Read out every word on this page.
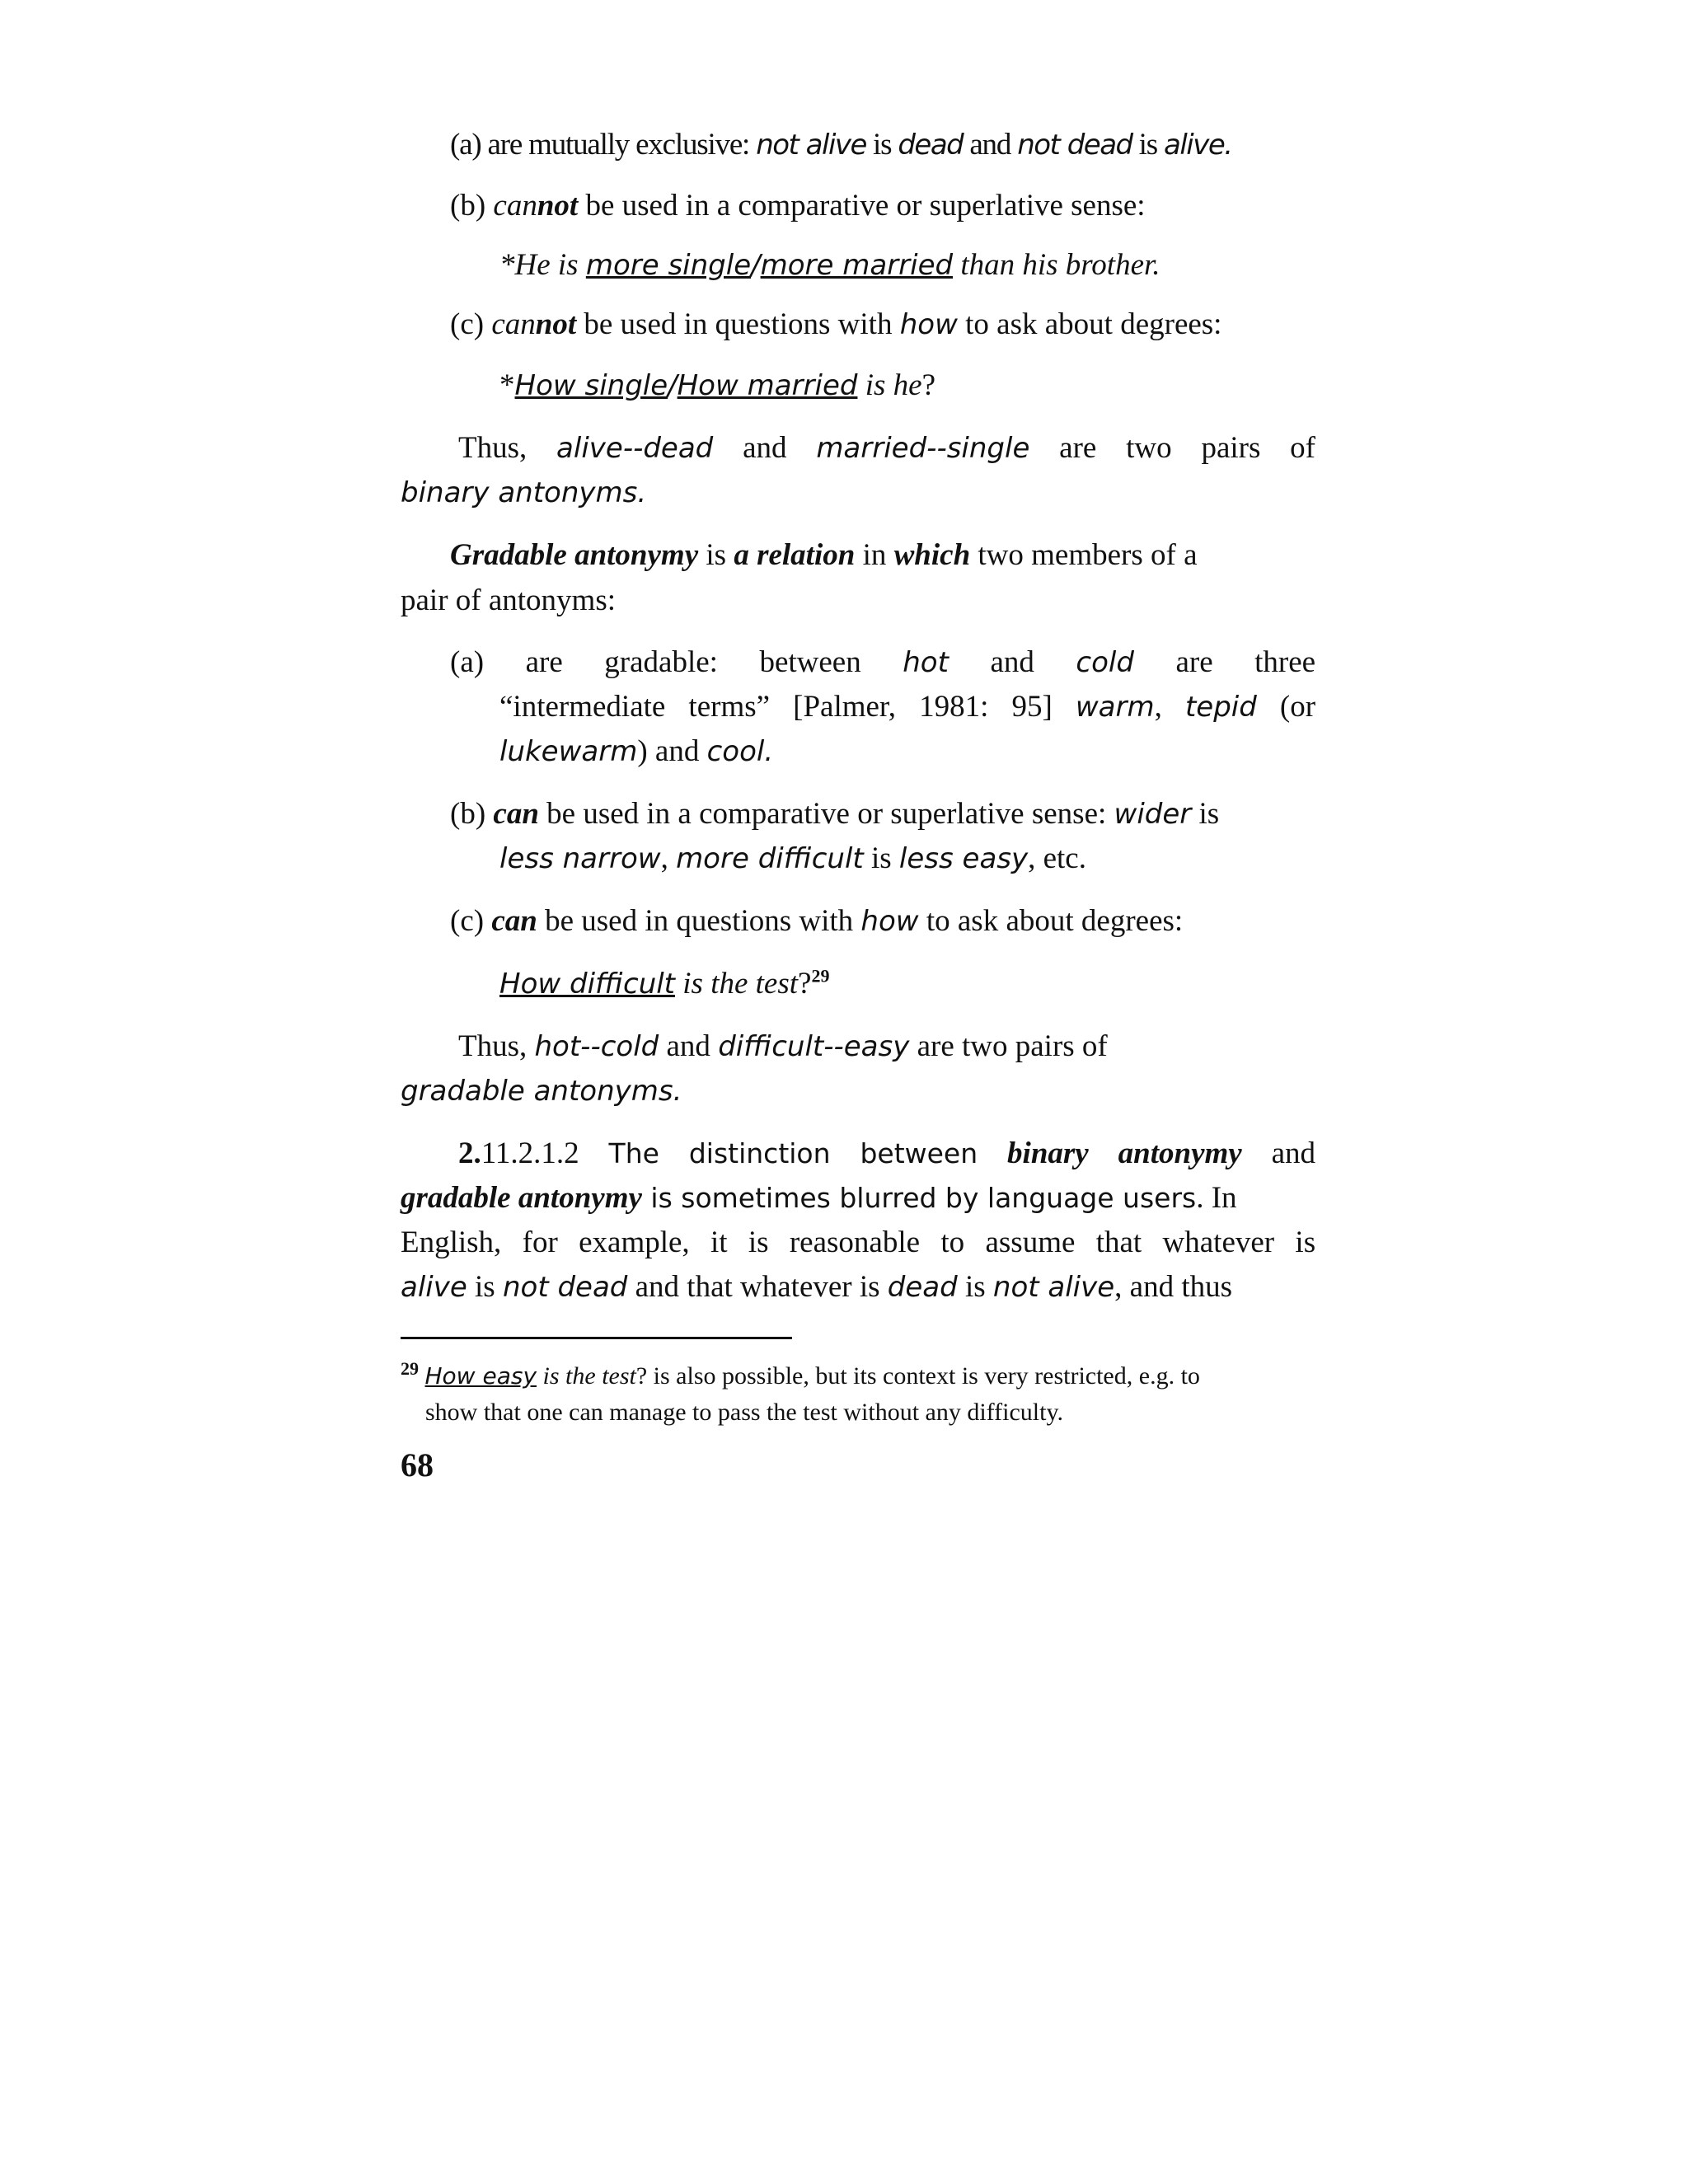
(a) are mutually exclusive: not alive is dead and not dead is alive.
(b) cannot be used in a comparative or superlative sense:
*He is more single/more married than his brother.
(c) cannot be used in questions with how to ask about degrees:
*How single/How married is he?
Thus, alive--dead and married--single are two pairs of
binary antonyms.
Gradable antonymy is a relation in which two members of a
pair of antonyms:
(a) are gradable: between hot and cold are three
“intermediate terms” [Palmer, 1981: 95] warm, tepid (or
lukewarm) and cool.
(b) can be used in a comparative or superlative sense: wider is
less narrow, more difficult is less easy, etc.
(c) can be used in questions with how to ask about degrees:
How difficult is the test?$^{29}$
Thus, hot--cold and difficult--easy are two pairs of
gradable antonyms.
2.11.2.1.2 The distinction between binary antonymy and
gradable antonymy is sometimes blurred by language users. In
English, for example, it is reasonable to assume that whatever is
alive is not dead and that whatever is dead is not alive, and thus
$^{29}$ How easy is the test? is also possible, but its context is very restricted, e.g. to
show that one can manage to pass the test without any difficulty.
68
